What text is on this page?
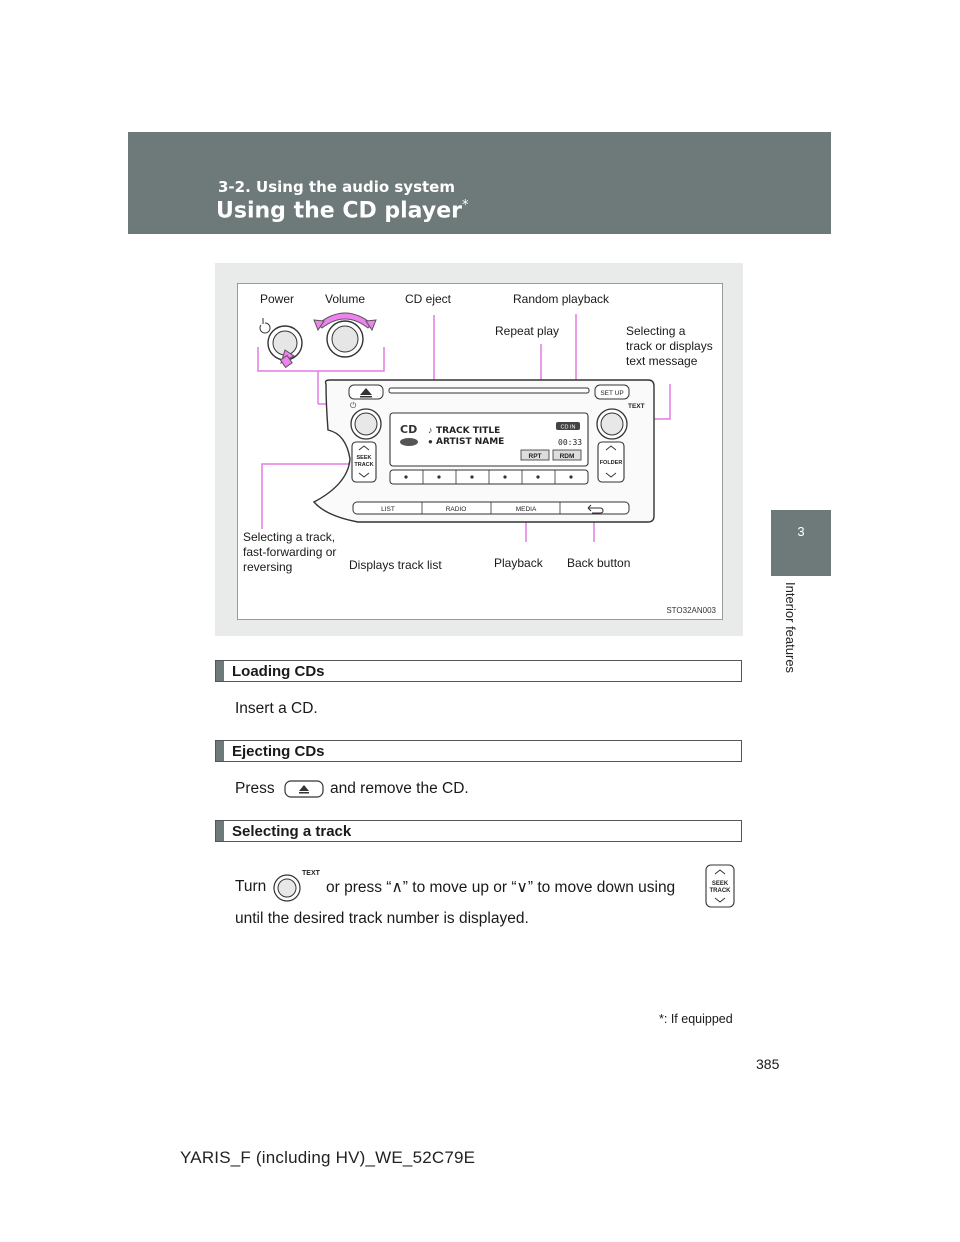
3-2. Using the audio system
Using the CD player*
3
Interior features
SET UP
⏻	TEXT
CD ♪ TRACK TITLE
● ARTIST NAME
CD IN
00:33
RPT	RDM
SEEK
TRACK	FOLDER
LIST	RADIO	MEDIA
Power	Volume	CD eject	Random playback
Repeat play	Selecting a
track or displays
text message
Selecting a track,
fast-forwarding or
reversing	Displays track list	Playback Back button
STO32AN003
Loading CDs
Insert a CD.
Ejecting CDs
Press	and remove the CD.
Selecting a track
Turn
TEXT
or press “∧” to move up or “∨” to move down using	SEEK
TRACK
until the desired track number is displayed.
*: If equipped
385
YARIS_F (including HV)_WE_52C79E
